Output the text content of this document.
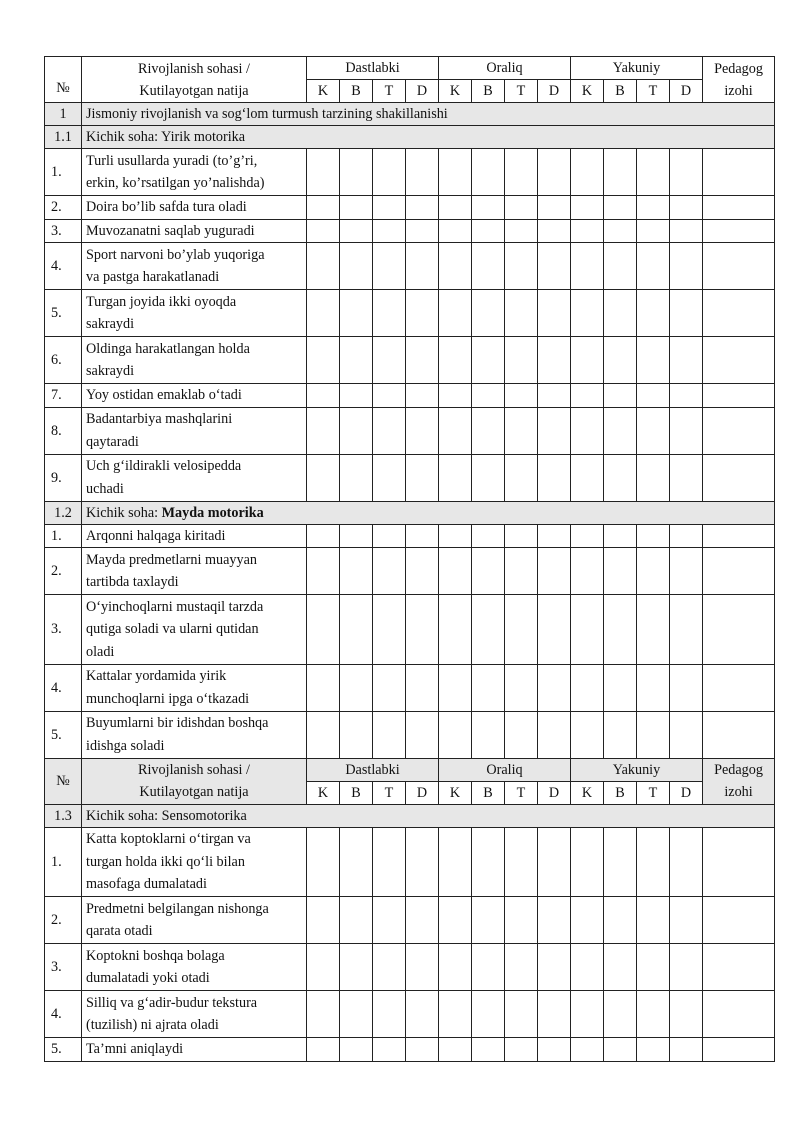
№	Rivojlanish sohasi /
Kutilayotgan natija	Dastlabki				Oraliq				Yakuniy				Pedagog
izohi
		K	B	T	D	K	B	T	D	K	B	T	D	
1	Jismoniy rivojlanish va sog‘lom turmush tarzining shakillanishi													
1.1	Kichik soha: Yirik motorika													
1.	Turli usullarda yuradi (to’g’ri,
erkin, ko’rsatilgan yo’nalishda)													
2.	Doira bo’lib safda tura oladi													
3.	Muvozanatni saqlab yuguradi													
4.	Sport narvoni bo’ylab yuqoriga
va pastga harakatlanadi													
5.	Turgan joyida ikki oyoqda
sakraydi													
6.	Oldinga harakatlangan holda
sakraydi													
7.	Yoy ostidan emaklab o‘tadi													
8.	Badantarbiya mashqlarini
qaytaradi													
9.	Uch g‘ildirakli velosipedda
uchadi													
1.2	Kichik soha: Mayda motorika													
1.	Arqonni halqaga kiritadi													
2.	Mayda predmetlarni muayyan
tartibda taxlaydi													
3.	O‘yinchoqlarni mustaqil tarzda
qutiga soladi va ularni qutidan
oladi													
4.	Kattalar yordamida yirik
munchoqlarni ipga o‘tkazadi													
5.	Buyumlarni bir idishdan boshqa
idishga soladi													
№	Rivojlanish sohasi /
Kutilayotgan natija	Dastlabki				Oraliq				Yakuniy				Pedagog
izohi
		K	B	T	D	K	B	T	D	K	B	T	D	
1.3	Kichik soha: Sensomotorika													
1.	Katta koptoklarni o‘tirgan va
turgan holda ikki qo‘li bilan
masofaga dumalatadi													
2.	Predmetni belgilangan nishonga
qarata otadi													
3.	Koptokni boshqa bolaga
dumalatadi yoki otadi													
4.	Silliq va g‘adir-budur tekstura
(tuzilish) ni ajrata oladi													
5.	Ta’mni aniqlaydi													
